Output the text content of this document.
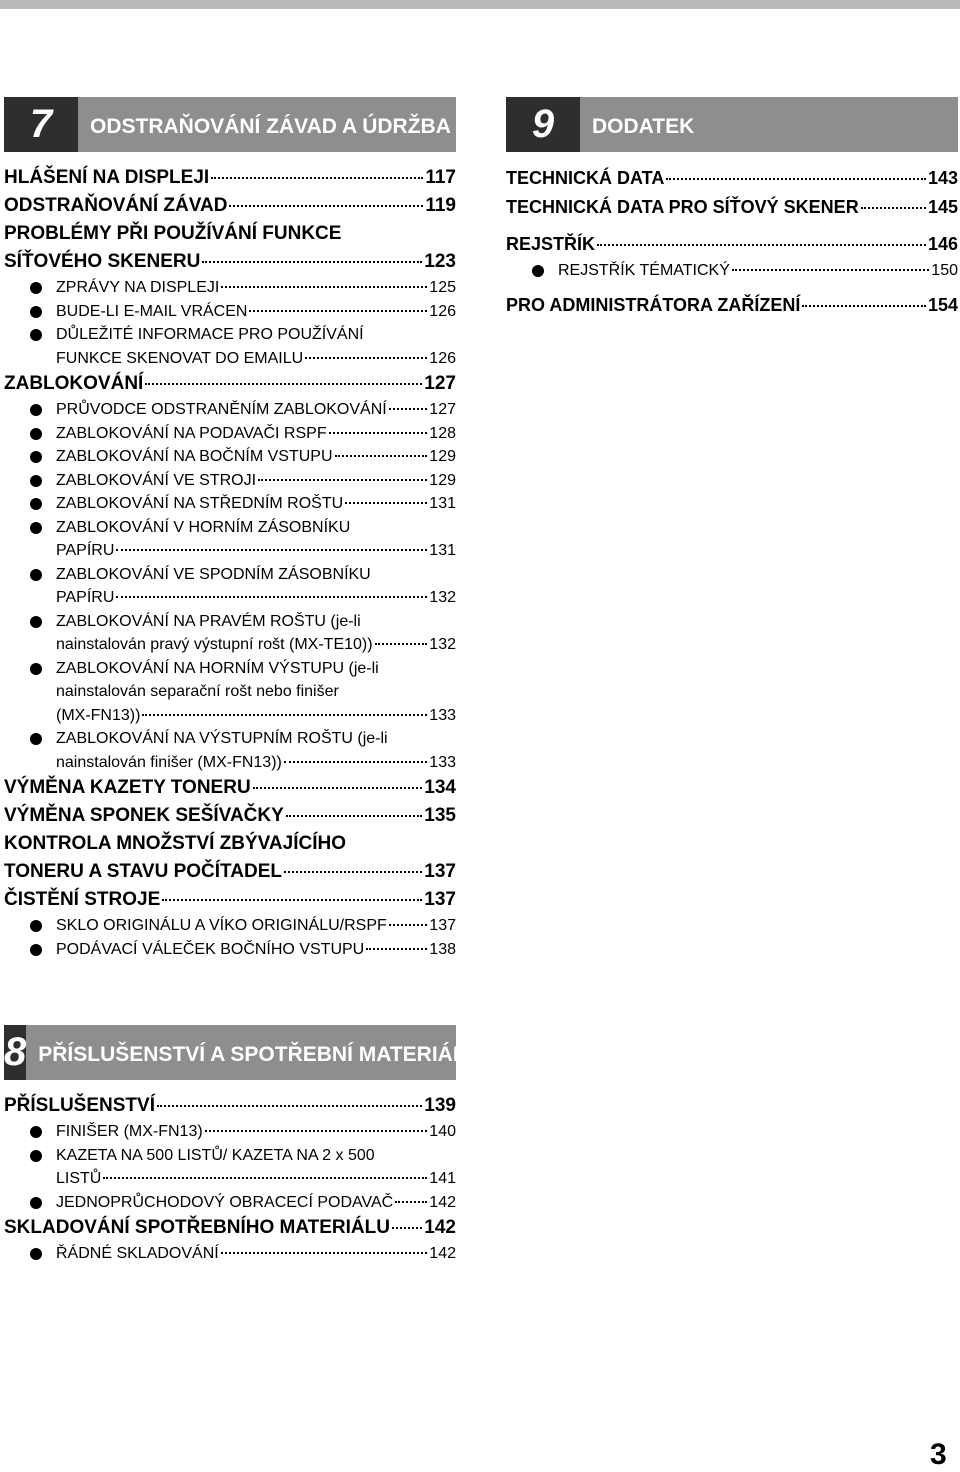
7	ODSTRAŇOVÁNÍ ZÁVAD A ÚDRŽBA
HLÁŠENÍ NA DISPLEJI	117
ODSTRAŇOVÁNÍ ZÁVAD	119
PROBLÉMY PŘI POUŽÍVÁNÍ FUNKCE
SÍŤOVÉHO SKENERU	123
ZPRÁVY NA DISPLEJI	125
BUDE-LI E-MAIL VRÁCEN	126
DŮLEŽITÉ INFORMACE PRO POUŽÍVÁNÍ
FUNKCE SKENOVAT DO EMAILU	126
ZABLOKOVÁNÍ	127
PRŮVODCE ODSTRANĚNÍM ZABLOKOVÁNÍ	127
ZABLOKOVÁNÍ NA PODAVAČI RSPF	128
ZABLOKOVÁNÍ NA BOČNÍM VSTUPU	129
ZABLOKOVÁNÍ VE STROJI	129
ZABLOKOVÁNÍ NA STŘEDNÍM ROŠTU	131
ZABLOKOVÁNÍ V HORNÍM ZÁSOBNÍKU
PAPÍRU	131
ZABLOKOVÁNÍ VE SPODNÍM ZÁSOBNÍKU
PAPÍRU	132
ZABLOKOVÁNÍ NA PRAVÉM ROŠTU (je-li
nainstalován pravý výstupní rošt (MX-TE10))	132
ZABLOKOVÁNÍ NA HORNÍM VÝSTUPU (je-li
nainstalován separační rošt nebo finišer
(MX-FN13))	133
ZABLOKOVÁNÍ NA VÝSTUPNÍM ROŠTU (je-li
nainstalován finišer (MX-FN13))	133
VÝMĚNA KAZETY TONERU	134
VÝMĚNA SPONEK SEŠÍVAČKY	135
KONTROLA MNOŽSTVÍ ZBÝVAJÍCÍHO
TONERU A STAVU POČÍTADEL	137
ČISTĚNÍ STROJE	137
SKLO ORIGINÁLU A VÍKO ORIGINÁLU/RSPF	137
PODÁVACÍ VÁLEČEK BOČNÍHO VSTUPU	138
8 PŘÍSLUŠENSTVÍ A SPOTŘEBNÍ MATERIÁL
PŘÍSLUŠENSTVÍ	139
FINIŠER (MX-FN13)	140
KAZETA NA 500 LISTŮ/ KAZETA NA 2 x 500
LISTŮ	141
JEDNOPRŮCHODOVÝ OBRACECÍ PODAVAČ 142
SKLADOVÁNÍ SPOTŘEBNÍHO MATERIÁLU 142
ŘÁDNÉ SKLADOVÁNÍ	142
9	DODATEK
TECHNICKÁ DATA	143
TECHNICKÁ DATA PRO SÍŤOVÝ SKENER	145
REJSTŘÍK	146
REJSTŘÍK TÉMATICKÝ	150
PRO ADMINISTRÁTORA ZAŘÍZENÍ	154
3
